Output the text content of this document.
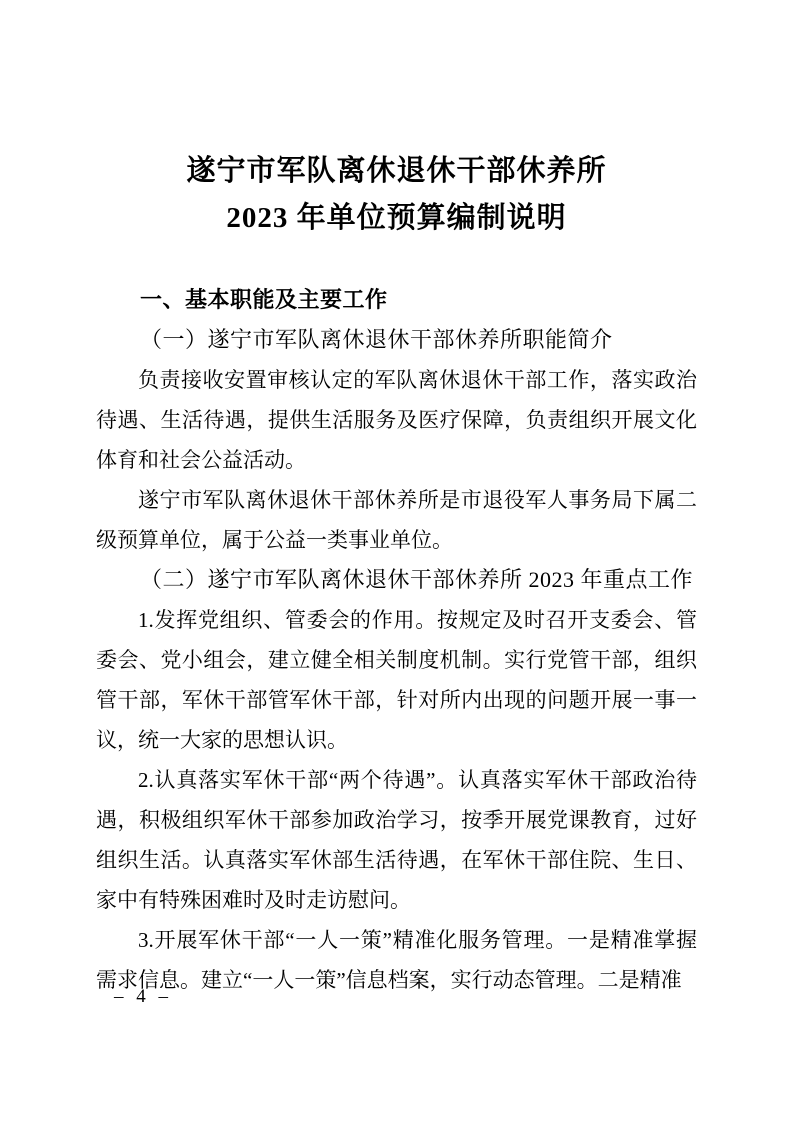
遂宁市军队离休退休干部休养所
2023 年单位预算编制说明
一、基本职能及主要工作

（一）遂宁市军队离休退休干部休养所职能简介

负责接收安置审核认定的军队离休退休干部工作，落实政治待遇、生活待遇，提供生活服务及医疗保障，负责组织开展文化体育和社会公益活动。

遂宁市军队离休退休干部休养所是市退役军人事务局下属二级预算单位，属于公益一类事业单位。

（二）遂宁市军队离休退休干部休养所 2023 年重点工作

1.发挥党组织、管委会的作用。按规定及时召开支委会、管委会、党小组会，建立健全相关制度机制。实行党管干部，组织管干部，军休干部管军休干部，针对所内出现的问题开展一事一议，统一大家的思想认识。

2.认真落实军休干部“两个待遇”。认真落实军休干部政治待遇，积极组织军休干部参加政治学习，按季开展党课教育，过好组织生活。认真落实军休部生活待遇，在军休干部住院、生日、家中有特殊困难时及时走访慰问。

3.开展军休干部“一人一策”精准化服务管理。一是精准掌握需求信息。建立“一人一策”信息档案，实行动态管理。二是精准

– 4 –
